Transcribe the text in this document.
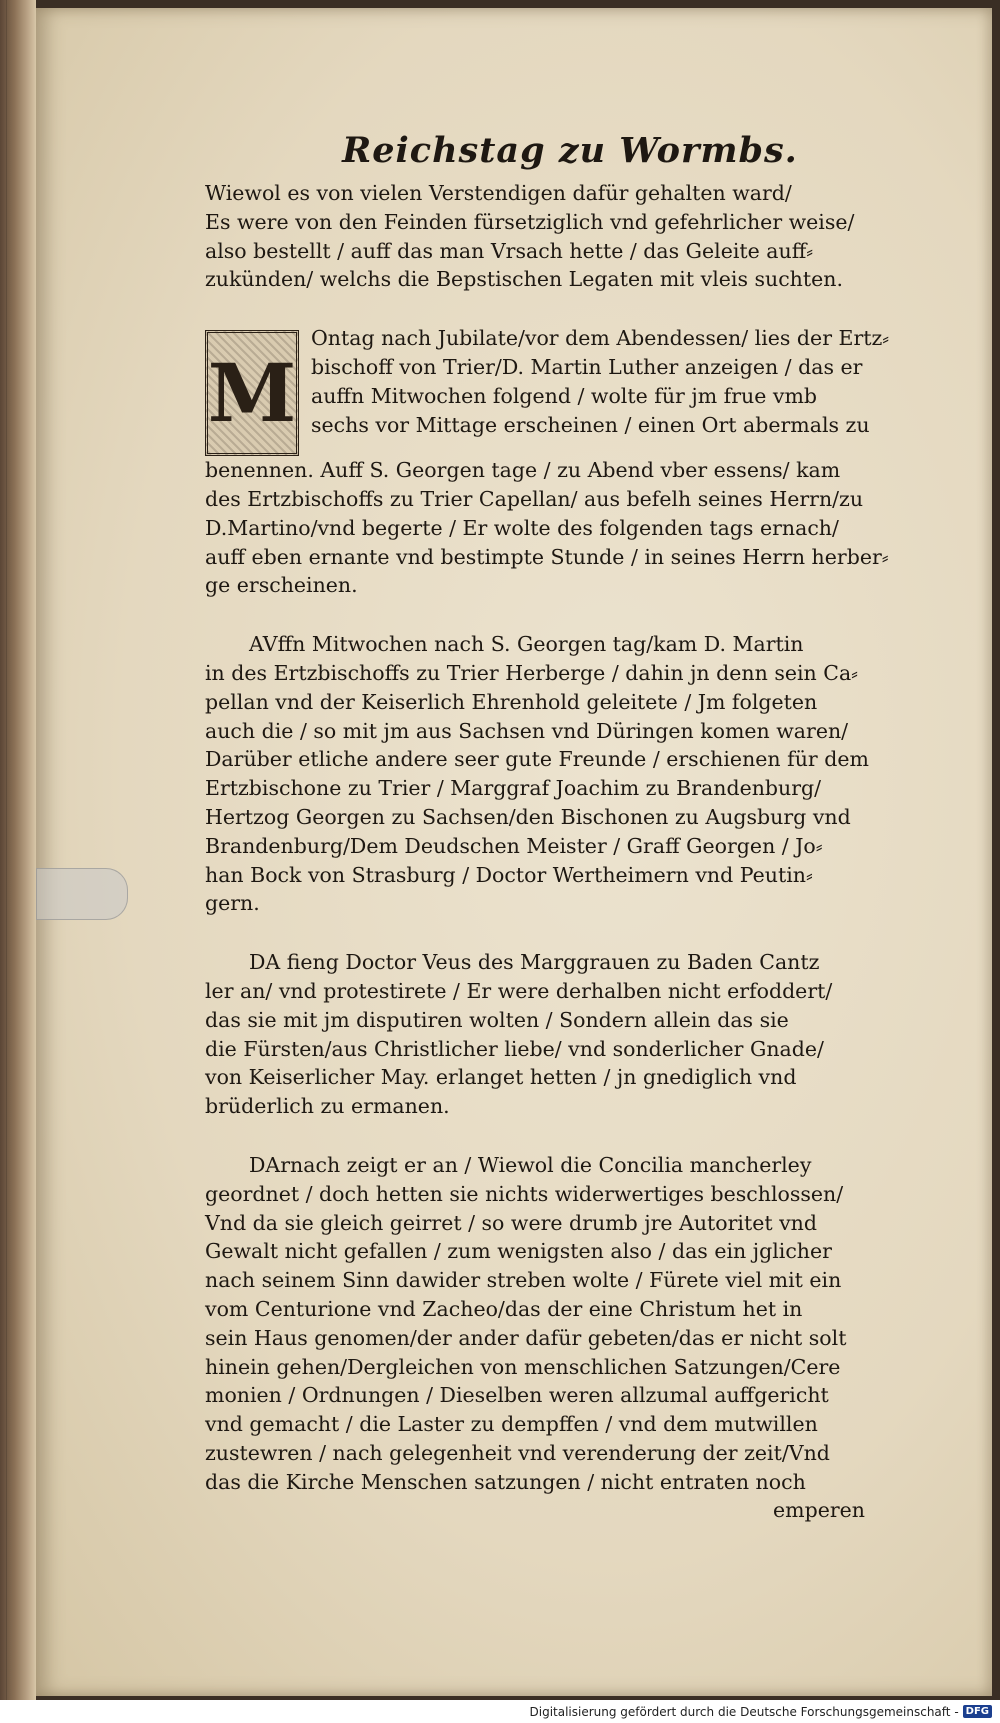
Reichstag zu Wormbs.
Wiewol es von vielen Verstendigen dafür gehalten ward/
Es were von den Feinden fürsetziglich vnd gefehrlicher weise/
also bestellt / auff das man Vrsach hette / das Geleite auff⸗
zukünden/ welchs die Bepstischen Legaten mit vleis suchten.
M
Ontag nach Jubilate/vor dem Abendessen/ lies der Ertz⸗
bischoff von Trier/D. Martin Luther anzeigen / das er
auffn Mitwochen folgend / wolte für jm frue vmb
sechs vor Mittage erscheinen / einen Ort abermals zu
benennen. Auff S. Georgen tage / zu Abend vber essens/ kam
des Ertzbischoffs zu Trier Capellan/ aus befelh seines Herrn/zu
D.Martino/vnd begerte / Er wolte des folgenden tags ernach/
auff eben ernante vnd bestimpte Stunde / in seines Herrn herber⸗
ge erscheinen.
AVffn Mitwochen nach S. Georgen tag/kam D. Martin
in des Ertzbischoffs zu Trier Herberge / dahin jn denn sein Ca⸗
pellan vnd der Keiserlich Ehrenhold geleitete / Jm folgeten
auch die / so mit jm aus Sachsen vnd Düringen komen waren/
Darüber etliche andere seer gute Freunde / erschienen für dem
Ertzbischone zu Trier / Marggraf Joachim zu Brandenburg/
Hertzog Georgen zu Sachsen/den Bischonen zu Augsburg vnd
Brandenburg/Dem Deudschen Meister / Graff Georgen / Jo⸗
han Bock von Strasburg / Doctor Wertheimern vnd Peutin⸗
gern.
DA fieng Doctor Veus des Marggrauen zu Baden Cantz
ler an/ vnd protestirete / Er were derhalben nicht erfoddert/
das sie mit jm disputiren wolten / Sondern allein das sie
die Fürsten/aus Christlicher liebe/ vnd sonderlicher Gnade/
von Keiserlicher May. erlanget hetten / jn gnediglich vnd
brüderlich zu ermanen.
DArnach zeigt er an / Wiewol die Concilia mancherley
geordnet / doch hetten sie nichts widerwertiges beschlossen/
Vnd da sie gleich geirret / so were drumb jre Autoritet vnd
Gewalt nicht gefallen / zum wenigsten also / das ein jglicher
nach seinem Sinn dawider streben wolte / Fürete viel mit ein
vom Centurione vnd Zacheo/das der eine Christum het in
sein Haus genomen/der ander dafür gebeten/das er nicht solt
hinein gehen/Dergleichen von menschlichen Satzungen/Cere
monien / Ordnungen / Dieselben weren allzumal auffgericht
vnd gemacht / die Laster zu dempffen / vnd dem mutwillen
zustewren / nach gelegenheit vnd verenderung der zeit/Vnd
das die Kirche Menschen satzungen / nicht entraten noch
emperen
Digitalisierung gefördert durch die Deutsche Forschungsgemeinschaft - DFG
